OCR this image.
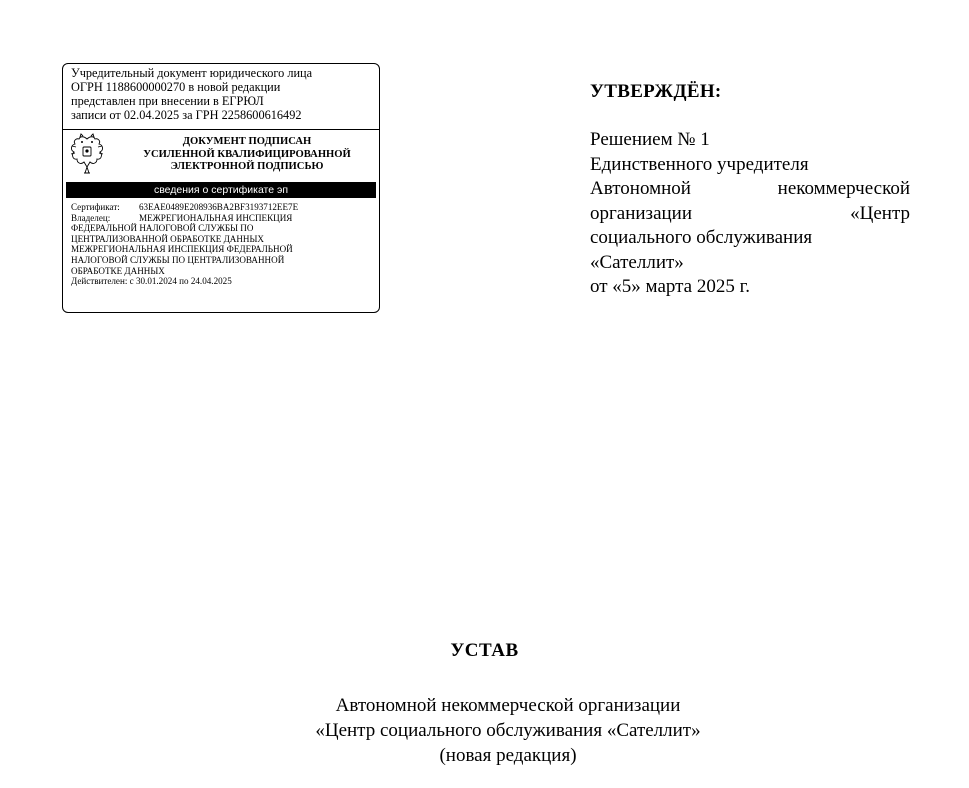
Учредительный документ юридического лица
ОГРН 1188600000270 в новой редакции
представлен при внесении в ЕГРЮЛ
записи от 02.04.2025 за ГРН 2258600616492
ДОКУМЕНТ ПОДПИСАН
УСИЛЕННОЙ КВАЛИФИЦИРОВАННОЙ
ЭЛЕКТРОННОЙ ПОДПИСЬЮ
сведения о сертификате эп
Сертификат: 63EAE0489E208936BA2BF3193712EE7E
Владелец:	МЕЖРЕГИОНАЛЬНАЯ ИНСПЕКЦИЯ
ФЕДЕРАЛЬНОЙ НАЛОГОВОЙ СЛУЖБЫ ПО
ЦЕНТРАЛИЗОВАННОЙ ОБРАБОТКЕ ДАННЫХ
МЕЖРЕГИОНАЛЬНАЯ ИНСПЕКЦИЯ ФЕДЕРАЛЬНОЙ
НАЛОГОВОЙ СЛУЖБЫ ПО ЦЕНТРАЛИЗОВАННОЙ
ОБРАБОТКЕ ДАННЫХ
Действителен: с 30.01.2024 по 24.04.2025
УТВЕРЖДЁН:
Решением № 1
Единственного учредителя
Автономной	некоммерческой
организации	«Центр
социального обслуживания
«Сателлит»
от «5» марта 2025 г.
УСТАВ
Автономной некоммерческой организации
«Центр социального обслуживания «Сателлит»
(новая редакция)
